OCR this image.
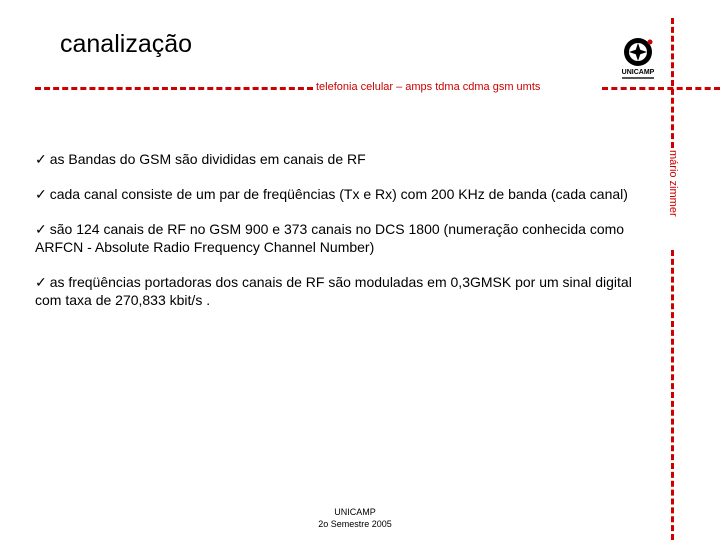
canalização
UNICAMP
telefonia celular – amps tdma cdma gsm umts
mário zimmer

✓ as Bandas do GSM são divididas em canais de RF

✓ cada canal consiste de um par de freqüências (Tx e Rx) com 200 KHz de banda (cada canal)

✓ são 124 canais de RF no GSM 900 e 373 canais no DCS 1800 (numeração conhecida como ARFCN - Absolute Radio Frequency Channel Number)

✓ as freqüências portadoras dos canais de RF são moduladas em 0,3GMSK por um sinal digital com taxa de 270,833 kbit/s .

UNICAMP
2o Semestre 2005
